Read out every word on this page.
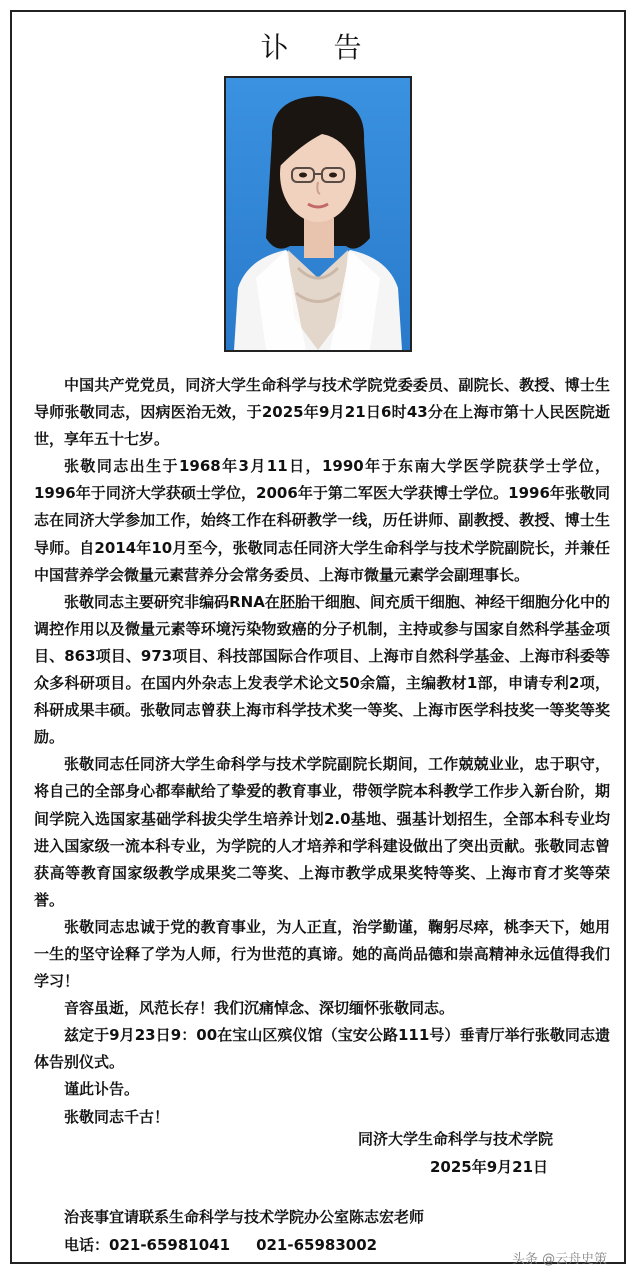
讣 告

中国共产党党员，同济大学生命科学与技术学院党委委员、副院长、教授、博士生导师张敬同志，因病医治无效，于2025年9月21日6时43分在上海市第十人民医院逝世，享年五十七岁。

张敬同志出生于1968年3月11日，1990年于东南大学医学院获学士学位，1996年于同济大学获硕士学位，2006年于第二军医大学获博士学位。1996年张敬同志在同济大学参加工作，始终工作在科研教学一线，历任讲师、副教授、教授、博士生导师。自2014年10月至今，张敬同志任同济大学生命科学与技术学院副院长，并兼任中国营养学会微量元素营养分会常务委员、上海市微量元素学会副理事长。

张敬同志主要研究非编码RNA在胚胎干细胞、间充质干细胞、神经干细胞分化中的调控作用以及微量元素等环境污染物致癌的分子机制，主持或参与国家自然科学基金项目、863项目、973项目、科技部国际合作项目、上海市自然科学基金、上海市科委等众多科研项目。在国内外杂志上发表学术论文50余篇，主编教材1部，申请专利2项，科研成果丰硕。张敬同志曾获上海市科学技术奖一等奖、上海市医学科技奖一等奖等奖励。

张敬同志任同济大学生命科学与技术学院副院长期间，工作兢兢业业，忠于职守，将自己的全部身心都奉献给了挚爱的教育事业，带领学院本科教学工作步入新台阶，期间学院入选国家基础学科拔尖学生培养计划2.0基地、强基计划招生，全部本科专业均进入国家级一流本科专业，为学院的人才培养和学科建设做出了突出贡献。张敬同志曾获高等教育国家级教学成果奖二等奖、上海市教学成果奖特等奖、上海市育才奖等荣誉。

张敬同志忠诚于党的教育事业，为人正直，治学勤谨，鞠躬尽瘁，桃李天下，她用一生的坚守诠释了学为人师，行为世范的真谛。她的高尚品德和崇高精神永远值得我们学习！

音容虽逝，风范长存！我们沉痛悼念、深切缅怀张敬同志。

兹定于9月23日9：00在宝山区殡仪馆（宝安公路111号）垂青厅举行张敬同志遗体告别仪式。

谨此讣告。

张敬同志千古！

同济大学生命科学与技术学院
2025年9月21日
治丧事宜请联系生命科学与技术学院办公室陈志宏老师
电话：021-65981041 021-65983002
头条 @云舟史策
